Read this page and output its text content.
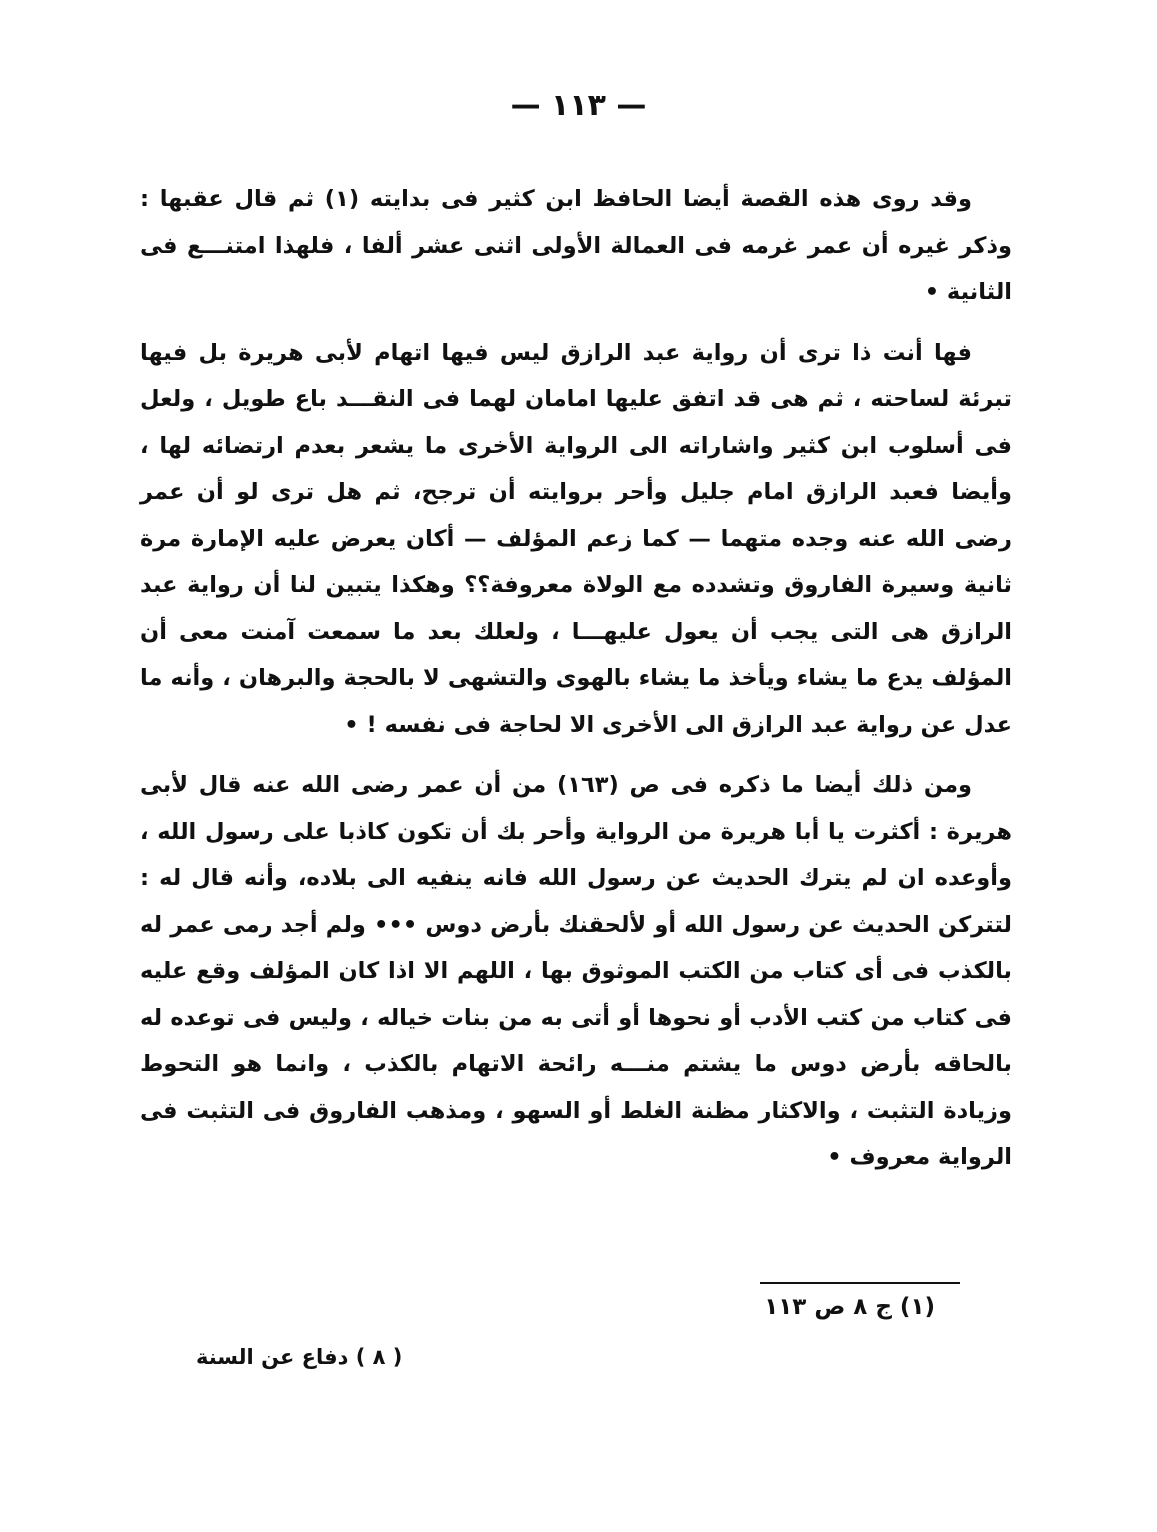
— ١١٣ —

وقد روى هذه القصة أيضا الحافظ ابن كثير فى بدايته (١) ثم قال عقبها : وذكر غيره أن عمر غرمه فى العمالة الأولى اثنى عشر ألفا ، فلهذا امتنـــع فى الثانية •

فها أنت ذا ترى أن رواية عبد الرازق ليس فيها اتهام لأبى هريرة بل فيها تبرئة لساحته ، ثم هى قد اتفق عليها امامان لهما فى النقـــد باع طويل ، ولعل فى أسلوب ابن كثير واشاراته الى الرواية الأخرى ما يشعر بعدم ارتضائه لها ، وأيضا فعبد الرازق امام جليل وأحر بروايته أن ترجح، ثم هل ترى لو أن عمر رضى الله عنه وجده متهما — كما زعم المؤلف — أكان يعرض عليه الإمارة مرة ثانية وسيرة الفاروق وتشدده مع الولاة معروفة؟؟ وهكذا يتبين لنا أن رواية عبد الرازق هى التى يجب أن يعول عليهـــا ، ولعلك بعد ما سمعت آمنت معى أن المؤلف يدع ما يشاء ويأخذ ما يشاء بالهوى والتشهى لا بالحجة والبرهان ، وأنه ما عدل عن رواية عبد الرازق الى الأخرى الا لحاجة فى نفسه ! •

ومن ذلك أيضا ما ذكره فى ص (١٦٣) من أن عمر رضى الله عنه قال لأبى هريرة : أكثرت يا أبا هريرة من الرواية وأحر بك أن تكون كاذبا على رسول الله ، وأوعده ان لم يترك الحديث عن رسول الله فانه ينفيه الى بلاده، وأنه قال له : لتتركن الحديث عن رسول الله أو لألحقنك بأرض دوس ••• ولم أجد رمى عمر له بالكذب فى أى كتاب من الكتب الموثوق بها ، اللهم الا اذا كان المؤلف وقع عليه فى كتاب من كتب الأدب أو نحوها أو أتى به من بنات خياله ، وليس فى توعده له بالحاقه بأرض دوس ما يشتم منـــه رائحة الاتهام بالكذب ، وانما هو التحوط وزيادة التثبت ، والاكثار مظنة الغلط أو السهو ، ومذهب الفاروق فى التثبت فى الرواية معروف •

(١) ج ٨ ص ١١٣
( ٨ ) دفاع عن السنة
